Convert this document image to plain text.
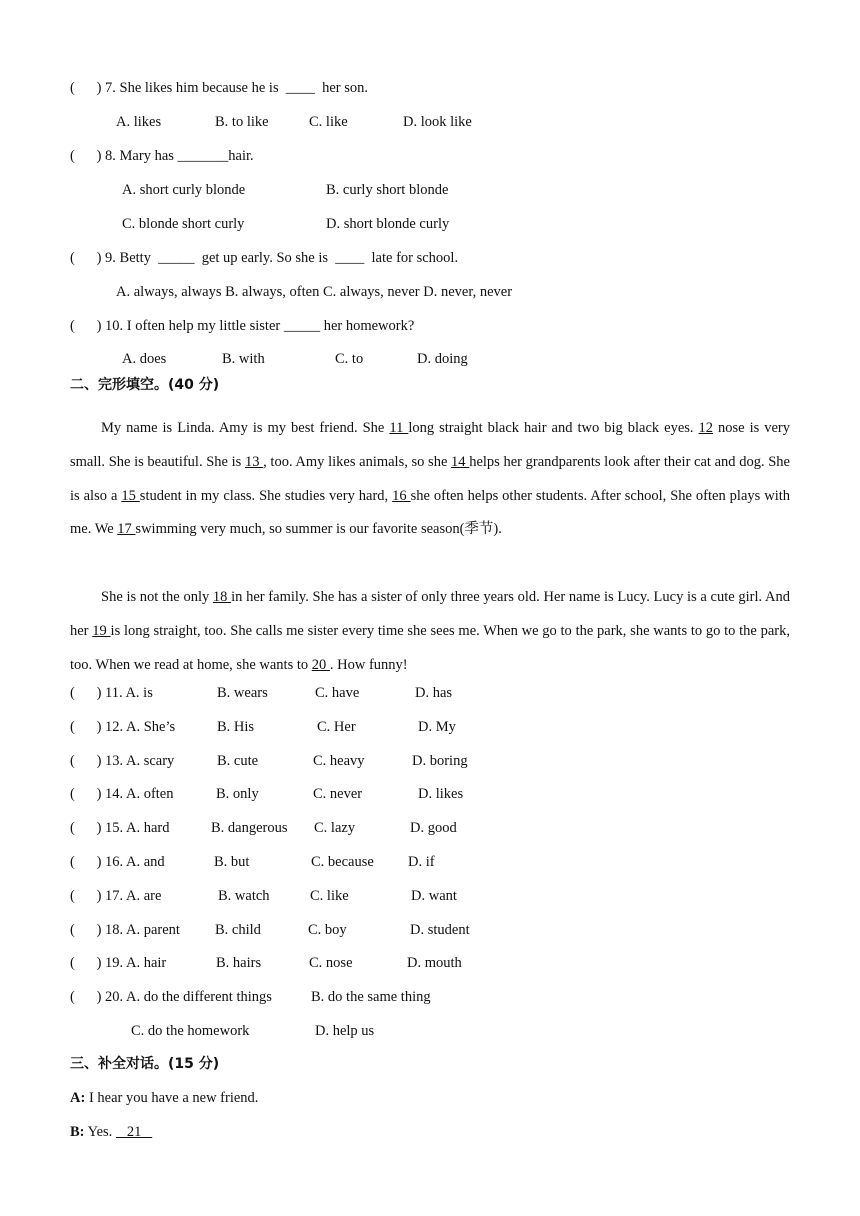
(      ) 7. She likes him because he is  ____  her son.
A. likes	B. to like	C. like	D. look like
(      ) 8. Mary has _______hair.
A. short curly blonde	B. curly short blonde
C. blonde short curly	D. short blonde curly
(      ) 9. Betty  _____  get up early. So she is  ____  late for school.
A. always, always B. always, often C. always, never D. never, never
(      ) 10. I often help my little sister _____ her homework?
A. does	B. with	C. to	D. doing
二、完形填空。(40 分)
My name is Linda. Amy is my best friend. She 11 long straight black hair and two big black eyes. 12 nose is very small. She is beautiful. She is 13 , too. Amy likes animals, so she 14 helps her grandparents look after their cat and dog. She is also a 15 student in my class. She studies very hard, 16 she often helps other students. After school, She often plays with me. We 17 swimming very much, so summer is our favorite season(季节).
She is not the only 18 in her family. She has a sister of only three years old. Her name is Lucy. Lucy is a cute girl. And her 19 is long straight, too. She calls me sister every time she sees me. When we go to the park, she wants to go to the park, too. When we read at home, she wants to 20 . How funny!
(      ) 11. A. is	B. wears	C. have	D. has
(      ) 12. A. She’s	B. His	C. Her	D. My
(      ) 13. A. scary	B. cute	C. heavy	D. boring
(      ) 14. A. often	B. only	C. never	D. likes
(      ) 15. A. hard	B. dangerous C. lazy	D. good
(      ) 16. A. and	B. but	C. because D. if
(      ) 17. A. are	B. watch	C. like	D. want
(      ) 18. A. parent B. child	C. boy	D. student
(      ) 19. A. hair	B. hairs	C. nose	D. mouth
(      ) 20. A. do the different things	B. do the same thing
C. do the homework	D. help us
三、补全对话。(15 分)
A: I hear you have a new friend.
B: Yes.    21
